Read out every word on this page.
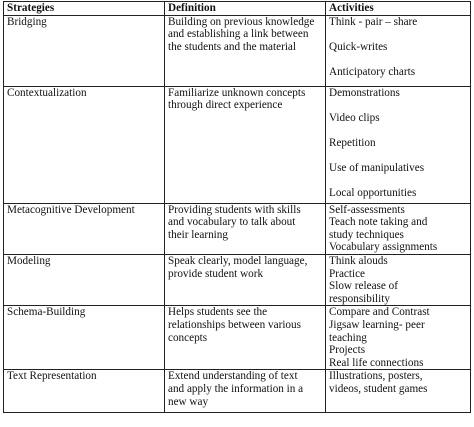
Strategies	Definition	Activities
Bridging	Building on previous knowledge
and establishing a link between
the students and the material	Think - pair – share
Quick-writes
Anticipatory charts

Contextualization	Familiarize unknown concepts
through direct experience	Demonstrations
Video clips
Repetition
Use of manipulatives
Local opportunities

Metacognitive Development	Providing students with skills
and vocabulary to talk about
their learning	Self-assessments
Teach note taking and
study techniques
Vocabulary assignments

Modeling	Speak clearly, model language,
provide student work	Think alouds
Practice
Slow release of
responsibility

Schema-Building	Helps students see the
relationships between various
concepts	Compare and Contrast
Jigsaw learning- peer
teaching
Projects
Real life connections

Text Representation	Extend understanding of text
and apply the information in a
new way	Illustrations, posters,
videos, student games
